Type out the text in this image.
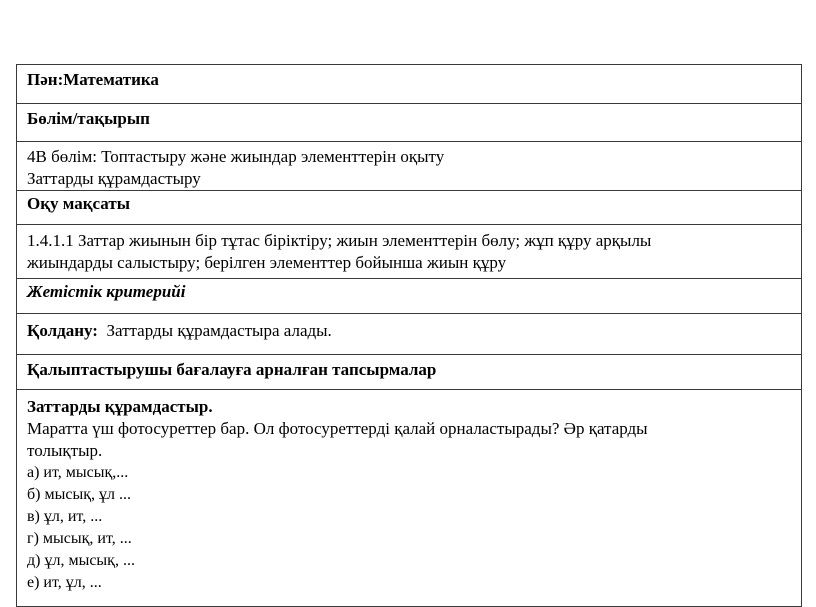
Пән:Математика
Бөлім/тақырып

4В бөлім: Топтастыру және жиындар элементтерін оқыту
Заттарды құрамдастыру

Оқу мақсаты

1.4.1.1 Заттар жиынын бір тұтас біріктіру; жиын элементтерін бөлу; жұп құру арқылы
жиындарды салыстыру; берілген элементтер бойынша жиын құру

Жетістік критерийі
Қолдану:  Заттарды құрамдастыра алады.
Қалыптастырушы бағалауға арналған тапсырмалар

Заттарды құрамдастыр.
Маратта үш фотосуреттер бар. Ол фотосуреттерді қалай орналастырады? Әр қатарды
толықтыр.
а) ит, мысық,...
б) мысық, ұл ...
в) ұл, ит, ...
г) мысық, ит, ...
д) ұл, мысық, ...
е) ит, ұл, ...
